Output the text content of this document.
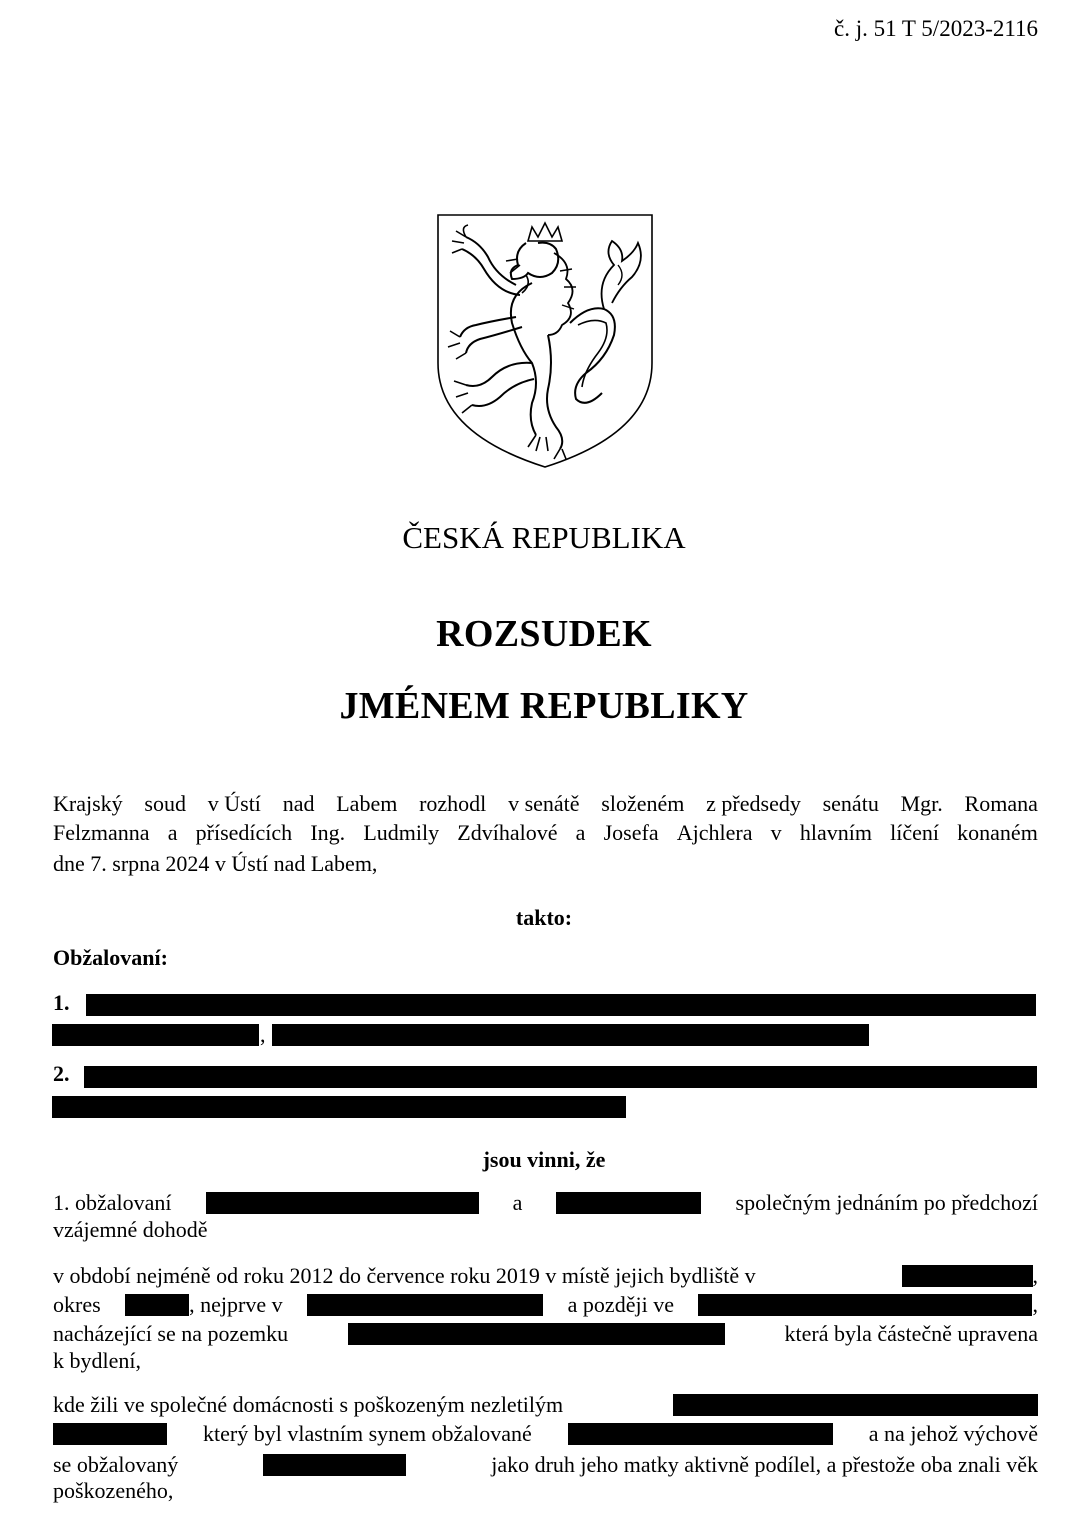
č. j. 51 T 5/2023-2116
ČESKÁ REPUBLIKA
ROZSUDEK
JMÉNEM REPUBLIKY
Krajský soud v Ústí nad Labem rozhodl v senátě složeném z předsedy senátu Mgr. Romana
Felzmanna a přísedících Ing. Ludmily Zdvíhalové a Josefa Ajchlera v hlavním líčení konaném
dne 7. srpna 2024 v Ústí nad Labem,
takto:
Obžalovaní:
1.
,
2.
jsou vinni, že
1. obžalovaní	a	společným jednáním po předchozí
vzájemné dohodě
v období nejméně od roku 2012 do července roku 2019 v místě jejich bydliště v	,
okres	, nejprve v	a později ve	,
nacházející se na pozemku	která byla částečně upravena
k bydlení,
kde žili ve společné domácnosti s poškozeným nezletilým
který byl vlastním synem obžalované	a na jehož výchově
se obžalovaný	jako druh jeho matky aktivně podílel, a přestože oba znali věk
poškozeného,
